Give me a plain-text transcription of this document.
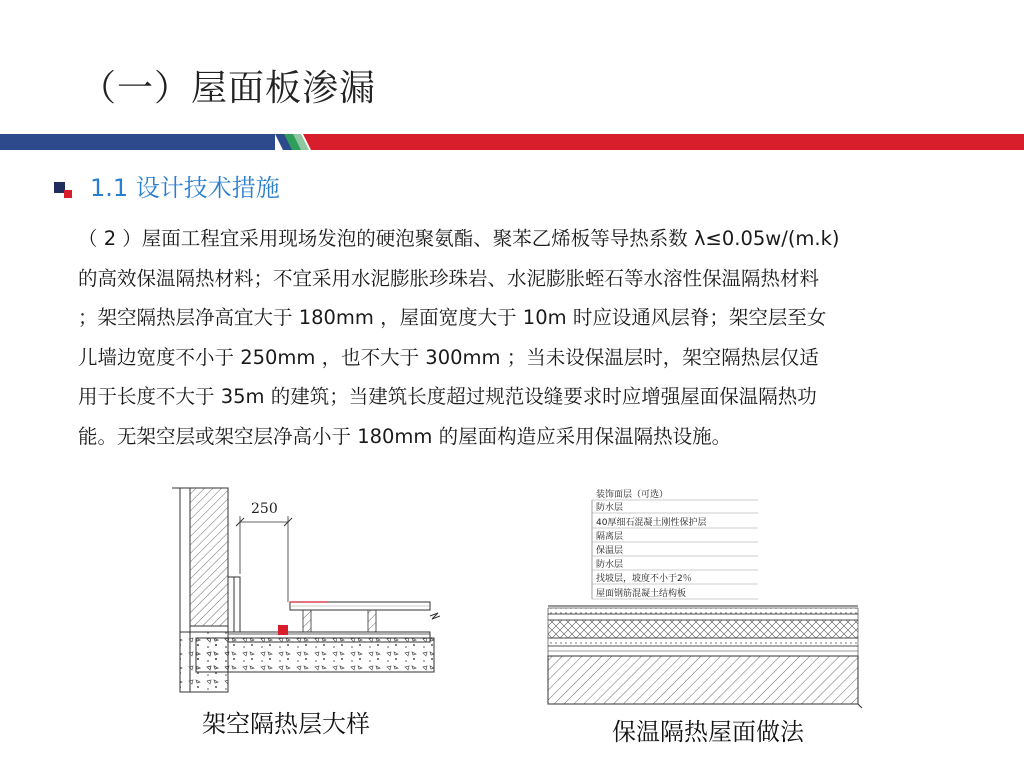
（一）屋面板渗漏
1.1 设计技术措施

（ 2 ）屋面工程宜采用现场发泡的硬泡聚氨酯、聚苯乙烯板等导热系数 λ≤0.05w/(m.k)

的高效保温隔热材料；不宜采用水泥膨胀珍珠岩、水泥膨胀蛭石等水溶性保温隔热材料

；架空隔热层净高宜大于 180mm ，屋面宽度大于 10m 时应设通风层脊；架空层至女

儿墙边宽度不小于 250mm ，也不大于 300mm ；当未设保温层时，架空隔热层仅适

用于长度不大于 35m 的建筑；当建筑长度超过规范设缝要求时应增强屋面保温隔热功

能。无架空层或架空层净高小于 180mm 的屋面构造应采用保温隔热设施。

250
架空隔热层大样
装饰面层（可选）
防水层
40厚细石混凝土刚性保护层
隔离层
保温层
防水层
找坡层，坡度不小于2％
屋面钢筋混凝土结构板
保温隔热屋面做法
